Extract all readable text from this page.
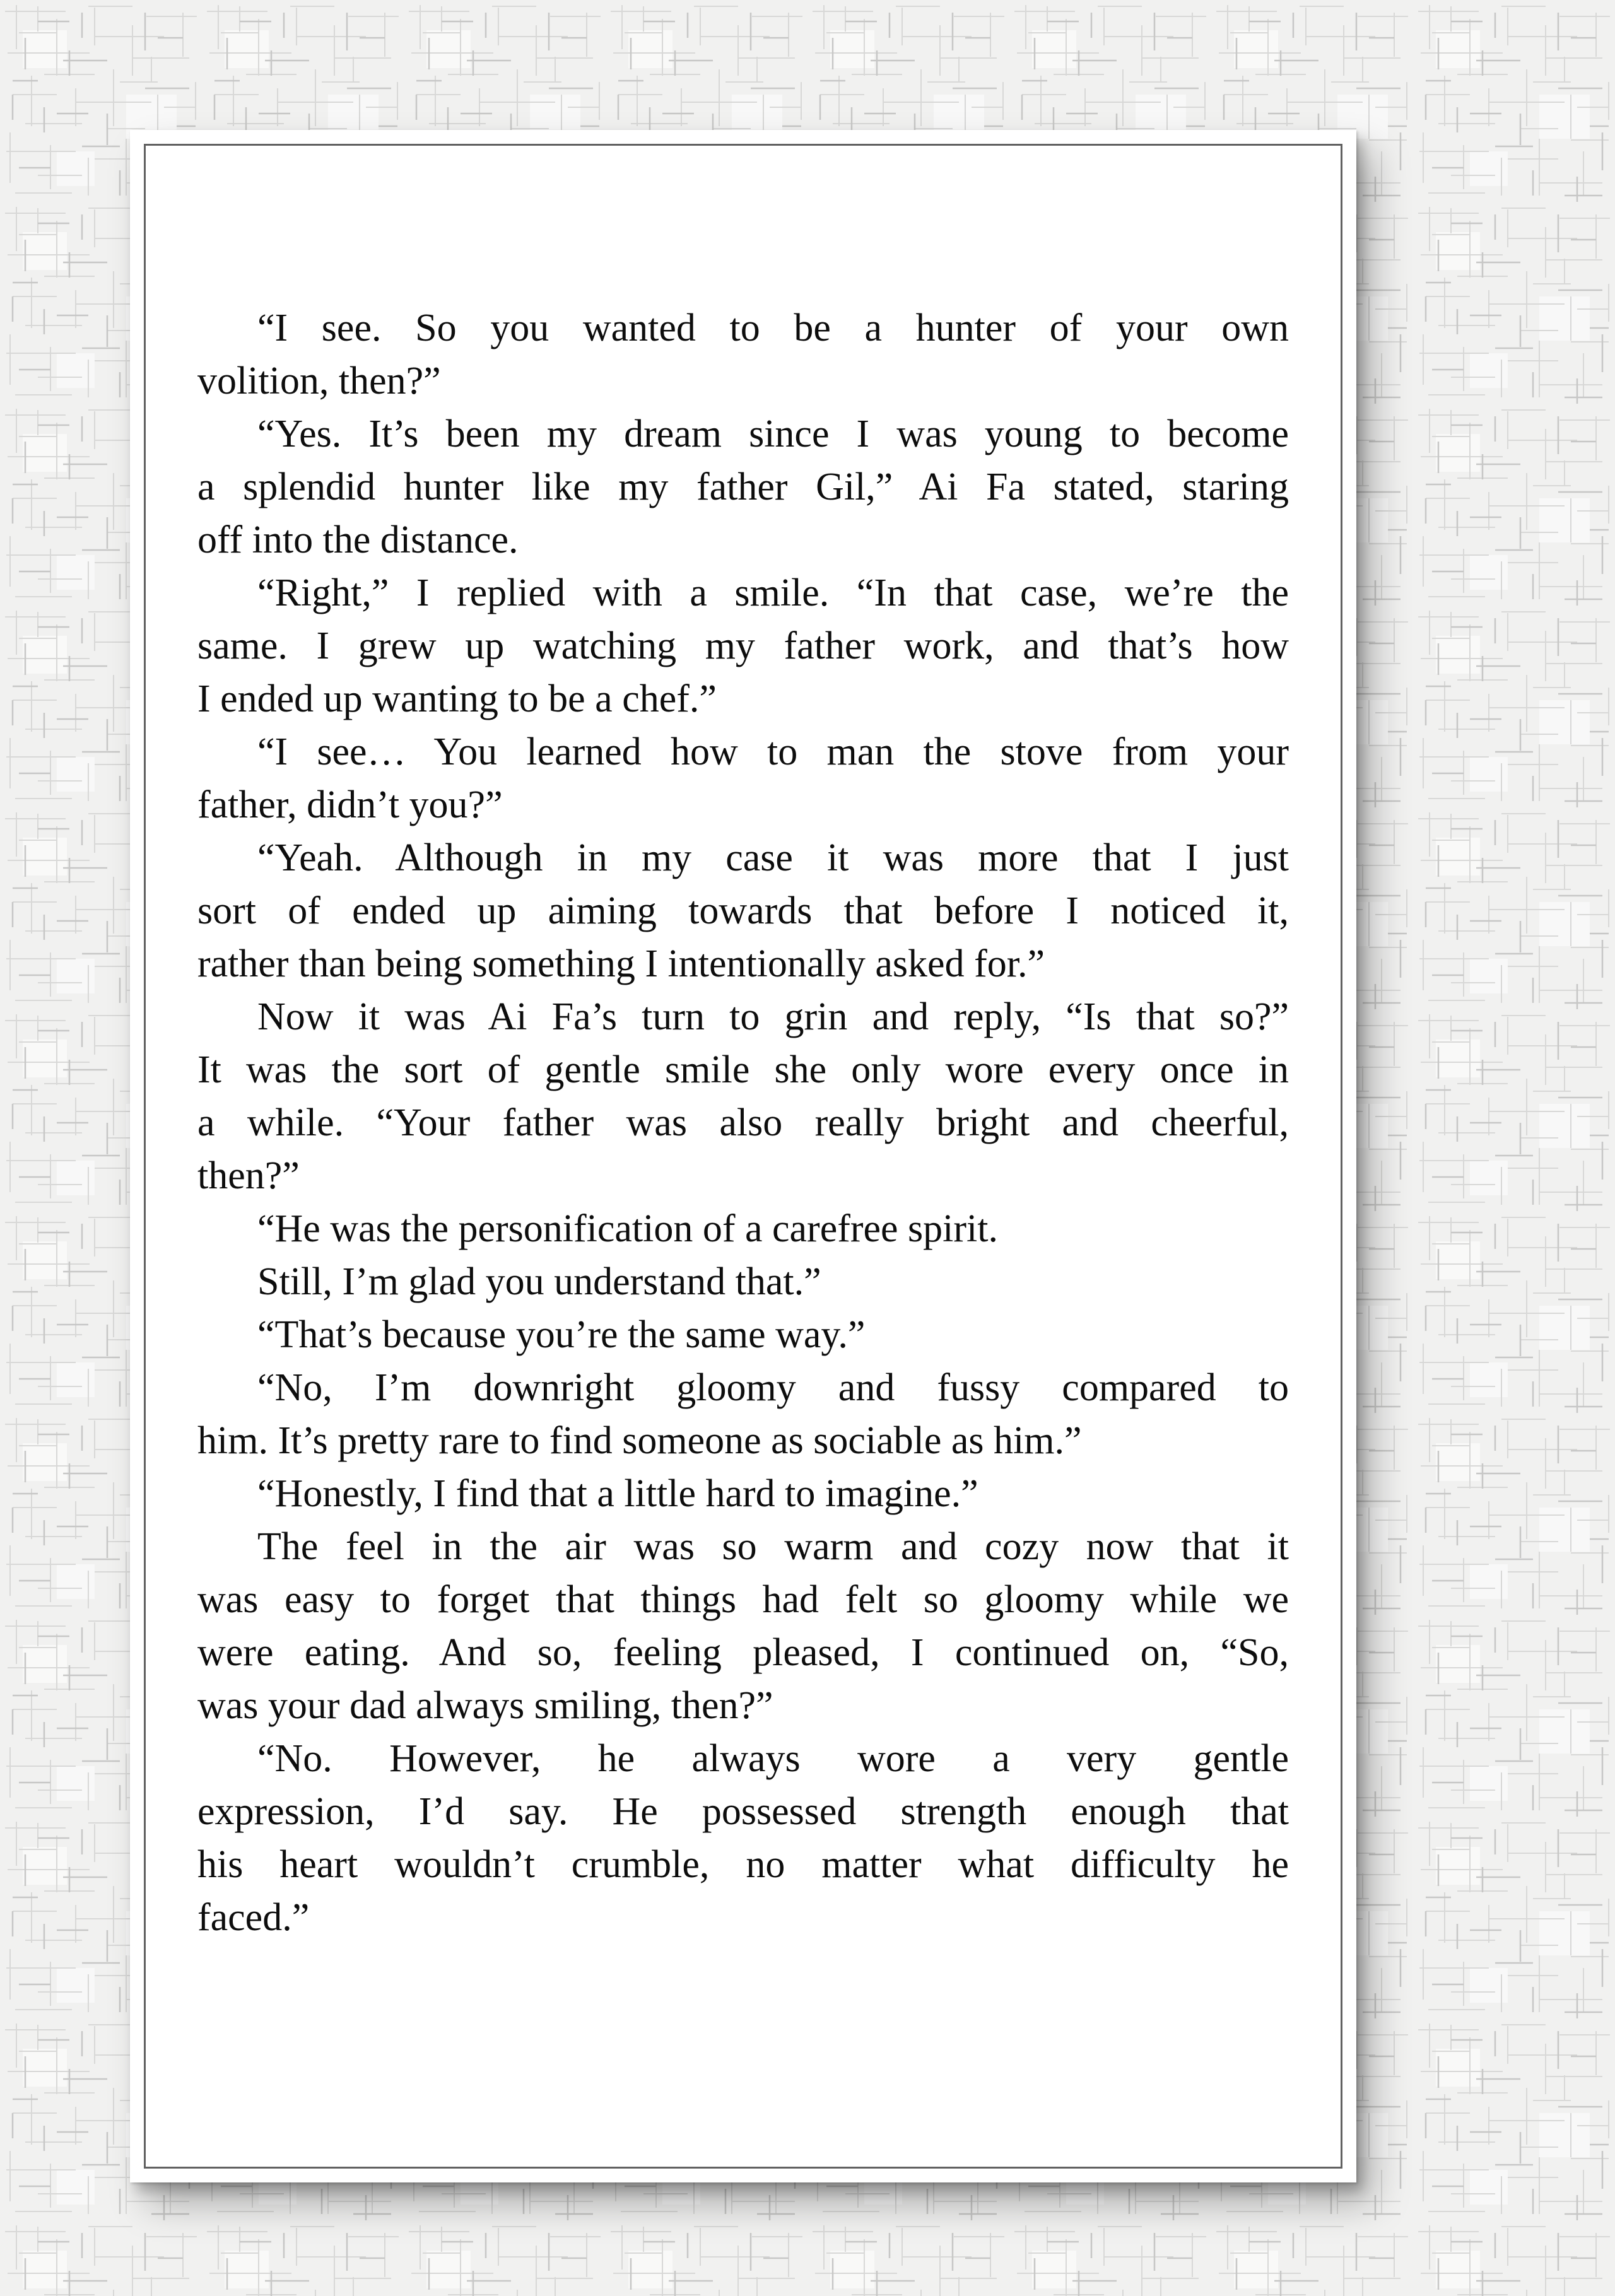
“I see. So you wanted to be a hunter of your own
volition, then?”
“Yes. It’s been my dream since I was young to become
a splendid hunter like my father Gil,” Ai Fa stated, staring
off into the distance.
“Right,” I replied with a smile. “In that case, we’re the
same. I grew up watching my father work, and that’s how
I ended up wanting to be a chef.”
“I see… You learned how to man the stove from your
father, didn’t you?”
“Yeah. Although in my case it was more that I just
sort of ended up aiming towards that before I noticed it,
rather than being something I intentionally asked for.”
Now it was Ai Fa’s turn to grin and reply, “Is that so?”
It was the sort of gentle smile she only wore every once in
a while. “Your father was also really bright and cheerful,
then?”
“He was the personification of a carefree spirit.
Still, I’m glad you understand that.”
“That’s because you’re the same way.”
“No, I’m downright gloomy and fussy compared to
him. It’s pretty rare to find someone as sociable as him.”
“Honestly, I find that a little hard to imagine.”
The feel in the air was so warm and cozy now that it
was easy to forget that things had felt so gloomy while we
were eating. And so, feeling pleased, I continued on, “So,
was your dad always smiling, then?”
“No. However, he always wore a very gentle
expression, I’d say. He possessed strength enough that
his heart wouldn’t crumble, no matter what difficulty he
faced.”
